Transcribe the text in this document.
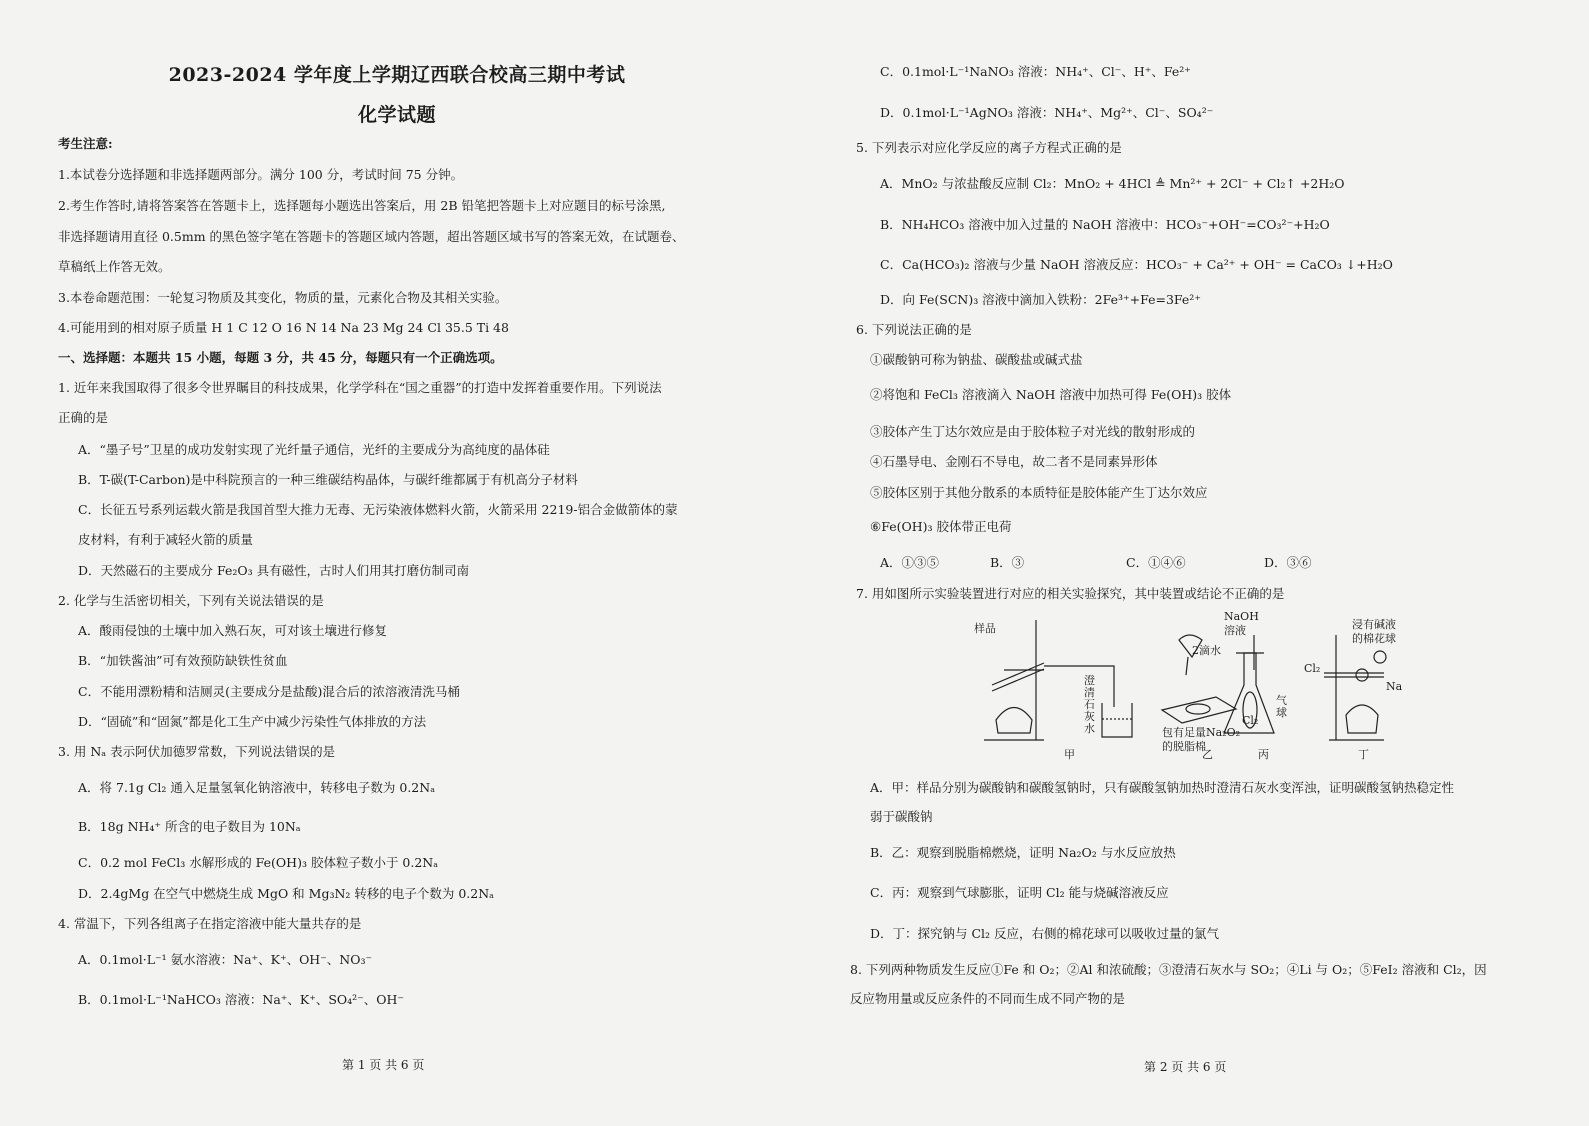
2023-2024 学年度上学期辽西联合校高三期中考试
化学试题
考生注意:
1.本试卷分选择题和非选择题两部分。满分 100 分，考试时间 75 分钟。
2.考生作答时,请将答案答在答题卡上，选择题每小题选出答案后，用 2B 铅笔把答题卡上对应题目的标号涂黑,
非选择题请用直径 0.5mm 的黑色签字笔在答题卡的答题区域内答题，超出答题区域书写的答案无效，在试题卷、
草稿纸上作答无效。
3.本卷命题范围：一轮复习物质及其变化，物质的量，元素化合物及其相关实验。
4.可能用到的相对原子质量 H 1 C 12 O 16 N 14 Na 23 Mg 24 Cl 35.5 Ti 48
一、选择题：本题共 15 小题，每题 3 分，共 45 分，每题只有一个正确选项。
1. 近年来我国取得了很多令世界瞩目的科技成果，化学学科在“国之重器”的打造中发挥着重要作用。下列说法
正确的是
A．“墨子号”卫星的成功发射实现了光纤量子通信，光纤的主要成分为高纯度的晶体硅
B．T-碳(T-Carbon)是中科院预言的一种三维碳结构晶体，与碳纤维都属于有机高分子材料
C．长征五号系列运载火箭是我国首型大推力无毒、无污染液体燃料火箭，火箭采用 2219-铝合金做箭体的蒙
皮材料，有利于减轻火箭的质量
D．天然磁石的主要成分 Fe₂O₃ 具有磁性，古时人们用其打磨仿制司南
2. 化学与生活密切相关，下列有关说法错误的是
A．酸雨侵蚀的土壤中加入熟石灰，可对该土壤进行修复
B．“加铁酱油”可有效预防缺铁性贫血
C．不能用漂粉精和洁厕灵(主要成分是盐酸)混合后的浓溶液清洗马桶
D．“固硫”和“固氮”都是化工生产中减少污染性气体排放的方法
3. 用 Nₐ 表示阿伏加德罗常数，下列说法错误的是
A．将 7.1g Cl₂ 通入足量氢氧化钠溶液中，转移电子数为 0.2Nₐ
B．18g NH₄⁺ 所含的电子数目为 10Nₐ
C．0.2 mol FeCl₃ 水解形成的 Fe(OH)₃ 胶体粒子数小于 0.2Nₐ
D．2.4gMg 在空气中燃烧生成 MgO 和 Mg₃N₂ 转移的电子个数为 0.2Nₐ
4. 常温下，下列各组离子在指定溶液中能大量共存的是
A．0.1mol·L⁻¹ 氨水溶液：Na⁺、K⁺、OH⁻、NO₃⁻
B．0.1mol·L⁻¹NaHCO₃ 溶液：Na⁺、K⁺、SO₄²⁻、OH⁻
第 1 页 共 6 页
C．0.1mol·L⁻¹NaNO₃ 溶液：NH₄⁺、Cl⁻、H⁺、Fe²⁺
D．0.1mol·L⁻¹AgNO₃ 溶液：NH₄⁺、Mg²⁺、Cl⁻、SO₄²⁻
5. 下列表示对应化学反应的离子方程式正确的是
A．MnO₂ 与浓盐酸反应制 Cl₂：MnO₂ + 4HCl ≜ Mn²⁺ + 2Cl⁻ + Cl₂↑ +2H₂O
B．NH₄HCO₃ 溶液中加入过量的 NaOH 溶液中：HCO₃⁻+OH⁻=CO₃²⁻+H₂O
C．Ca(HCO₃)₂ 溶液与少量 NaOH 溶液反应：HCO₃⁻ + Ca²⁺ + OH⁻ = CaCO₃ ↓+H₂O
D．向 Fe(SCN)₃ 溶液中滴加入铁粉：2Fe³⁺+Fe=3Fe²⁺
6. 下列说法正确的是
①碳酸钠可称为钠盐、碳酸盐或碱式盐
②将饱和 FeCl₃ 溶液滴入 NaOH 溶液中加热可得 Fe(OH)₃ 胶体
③胶体产生丁达尔效应是由于胶体粒子对光线的散射形成的
④石墨导电、金刚石不导电，故二者不是同素异形体
⑤胶体区别于其他分散系的本质特征是胶体能产生丁达尔效应
⑥Fe(OH)₃ 胶体带正电荷
A．①③⑤	B．③	C．①④⑥	D．③⑥
7. 用如图所示实验装置进行对应的相关实验探究，其中装置或结论不正确的是
样品
澄清石灰水
2滴水
包有足量Na₂O₂
的脱脂棉
NaOH
溶液
气球
Cl₂
Cl₂
浸有碱液
的棉花球
Na
甲	乙	丙	丁
A．甲：样品分别为碳酸钠和碳酸氢钠时，只有碳酸氢钠加热时澄清石灰水变浑浊，证明碳酸氢钠热稳定性
弱于碳酸钠
B．乙：观察到脱脂棉燃烧，证明 Na₂O₂ 与水反应放热
C．丙：观察到气球膨胀，证明 Cl₂ 能与烧碱溶液反应
D．丁：探究钠与 Cl₂ 反应，右侧的棉花球可以吸收过量的氯气
8. 下列两种物质发生反应①Fe 和 O₂；②Al 和浓硫酸；③澄清石灰水与 SO₂；④Li 与 O₂；⑤FeI₂ 溶液和 Cl₂，因
反应物用量或反应条件的不同而生成不同产物的是
第 2 页 共 6 页
